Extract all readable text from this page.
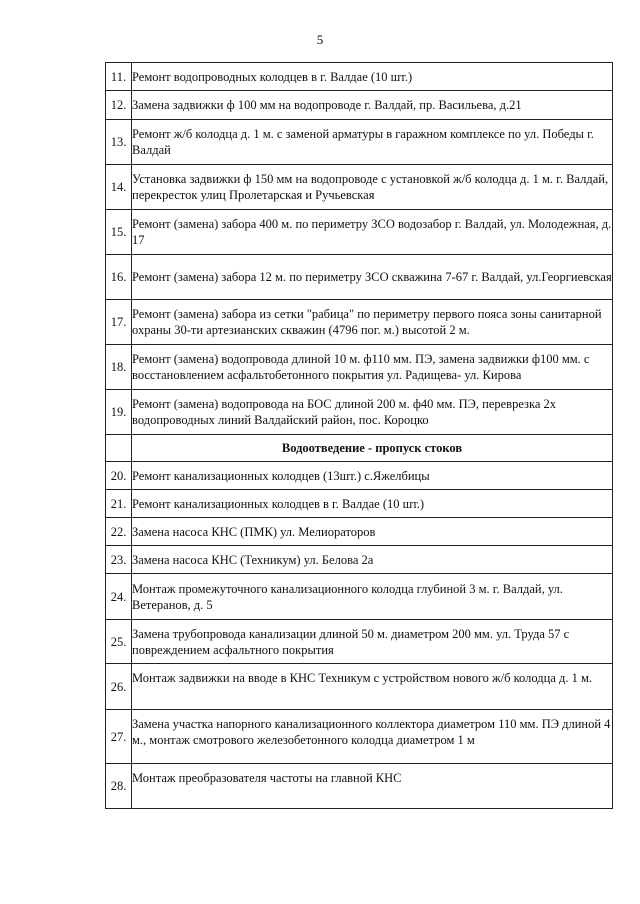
5
11.	Ремонт водопроводных колодцев в г. Валдае (10 шт.)
12.	Замена задвижки ф 100 мм на водопроводе г. Валдай, пр. Васильева, д.21
13.	Ремонт ж/б колодца д. 1 м. с заменой арматуры в гаражном комплексе по ул. Победы г. Валдай
14.	Установка задвижки ф 150 мм на водопроводе с установкой ж/б колодца д. 1 м. г. Валдай, перекресток улиц Пролетарская и Ручьевская
15.	Ремонт (замена) забора 400 м. по периметру ЗСО водозабор г. Валдай, ул. Молодежная, д. 17
16.	Ремонт (замена) забора 12 м. по периметру ЗСО скважина 7-67 г. Валдай, ул.Георгиевская
17.	Ремонт (замена) забора из сетки "рабица" по периметру первого пояса зоны санитарной охраны 30-ти артезианских скважин (4796 пог. м.) высотой 2 м.
18.	Ремонт (замена) водопровода длиной 10 м. ф110 мм. ПЭ, замена задвижки ф100 мм. с восстановлением асфальтобетонного покрытия ул. Радищева- ул. Кирова
19.	Ремонт (замена) водопровода на БОС длиной 200 м. ф40 мм. ПЭ, переврезка 2х водопроводных линий Валдайский район, пос. Короцко
	Водоотведение - пропуск стоков
20.	Ремонт канализационных колодцев (13шт.) с.Яжелбицы
21.	Ремонт канализационных колодцев в г. Валдае (10 шт.)
22.	Замена насоса КНС (ПМК) ул. Мелиораторов
23.	Замена насоса КНС (Техникум) ул. Белова 2а
24.	Монтаж промежуточного канализационного колодца глубиной 3 м. г. Валдай, ул. Ветеранов, д. 5
25.	Замена трубопровода канализации длиной 50 м. диаметром 200 мм. ул. Труда 57 с повреждением асфальтного покрытия
26.	Монтаж задвижки на вводе в КНС Техникум с устройством нового ж/б колодца д. 1 м.
27.	Замена участка напорного канализационного коллектора диаметром 110 мм. ПЭ длиной 4 м., монтаж смотрового железобетонного колодца диаметром 1 м
28.	Монтаж преобразователя частоты на главной КНС
